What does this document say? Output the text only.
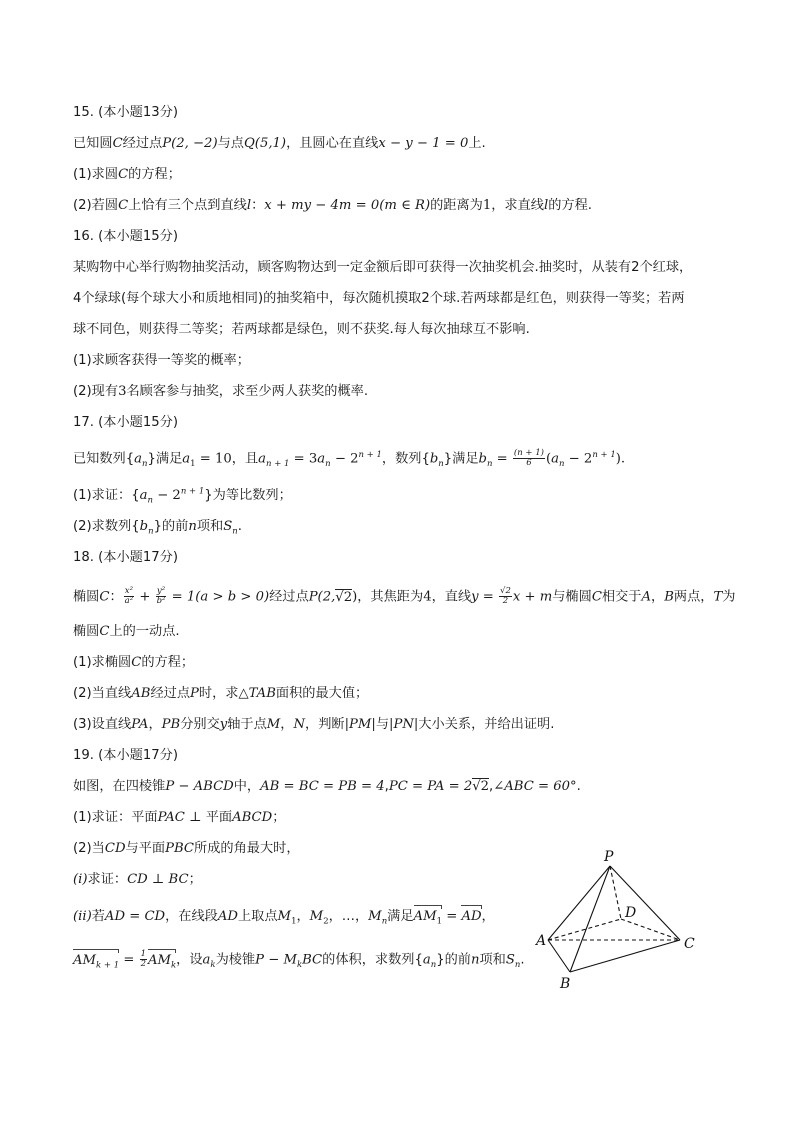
15. (本小题13分)
已知圆C经过点P(2, −2)与点Q(5,1)，且圆心在直线x − y − 1 = 0上.
(1)求圆C的方程；
(2)若圆C上恰有三个点到直线l：x + my − 4m = 0(m ∈ R)的距离为1，求直线l的方程.
16. (本小题15分)
某购物中心举行购物抽奖活动，顾客购物达到一定金额后即可获得一次抽奖机会.抽奖时，从装有2个红球，
4个绿球(每个球大小和质地相同)的抽奖箱中，每次随机摸取2个球.若两球都是红色，则获得一等奖；若两
球不同色，则获得二等奖；若两球都是绿色，则不获奖.每人每次抽球互不影响.
(1)求顾客获得一等奖的概率；
(2)现有3名顾客参与抽奖，求至少两人获奖的概率.
17. (本小题15分)
已知数列$\{a_n\}$满足$a_1 = 10$，且$a_{n + 1} = 3a_n - 2^{n + 1}$，数列$\{b_n\}$满足$b_n = \frac{(n + 1)}{6} (a_n - 2^{n + 1})$.
(1)求证：$\{a_n - 2^{n + 1}\}$为等比数列；
(2)求数列$\{b_n\}$的前n项和$S_n$.
18. (本小题17分)
椭圆C： $\frac{\text{x²}}{\text{a²}} + \frac{\text{y²}}{\text{b²}} = 1(a > b > 0)$经过点P(2,√2)，其焦距为4，直线$y = \frac{√2}{2}$ x + m与椭圆C相交于A，B两点，T为
椭圆C上的一动点.
(1)求椭圆C的方程；
(2)当直线AB经过点P时，求△TAB面积的最大值；
(3)设直线PA，PB分别交y轴于点M，N，判断|PM|与|PN|大小关系，并给出证明.
19. (本小题17分)
如图，在四棱锥P − ABCD中，AB = BC = PB = 4,PC = PA = 2√2,∠ABC = 60°.
(1)求证：平面PAC ⊥ 平面ABCD；
(2)当CD与平面PBC所成的角最大时，
(i)求证：CD ⊥ BC；
(ii)若AD = CD，在线段AD上取点$M_1$，$M_2$，…，$M_n$满足$AM_1$ = AD，
$AM_{k + 1} = \frac{1}{2} AM_k$，设$a_k$为棱锥$P - M_kBC$的体积，求数列$\{a_n\}$的前n项和$S_n$.
P
D
A	C
B
